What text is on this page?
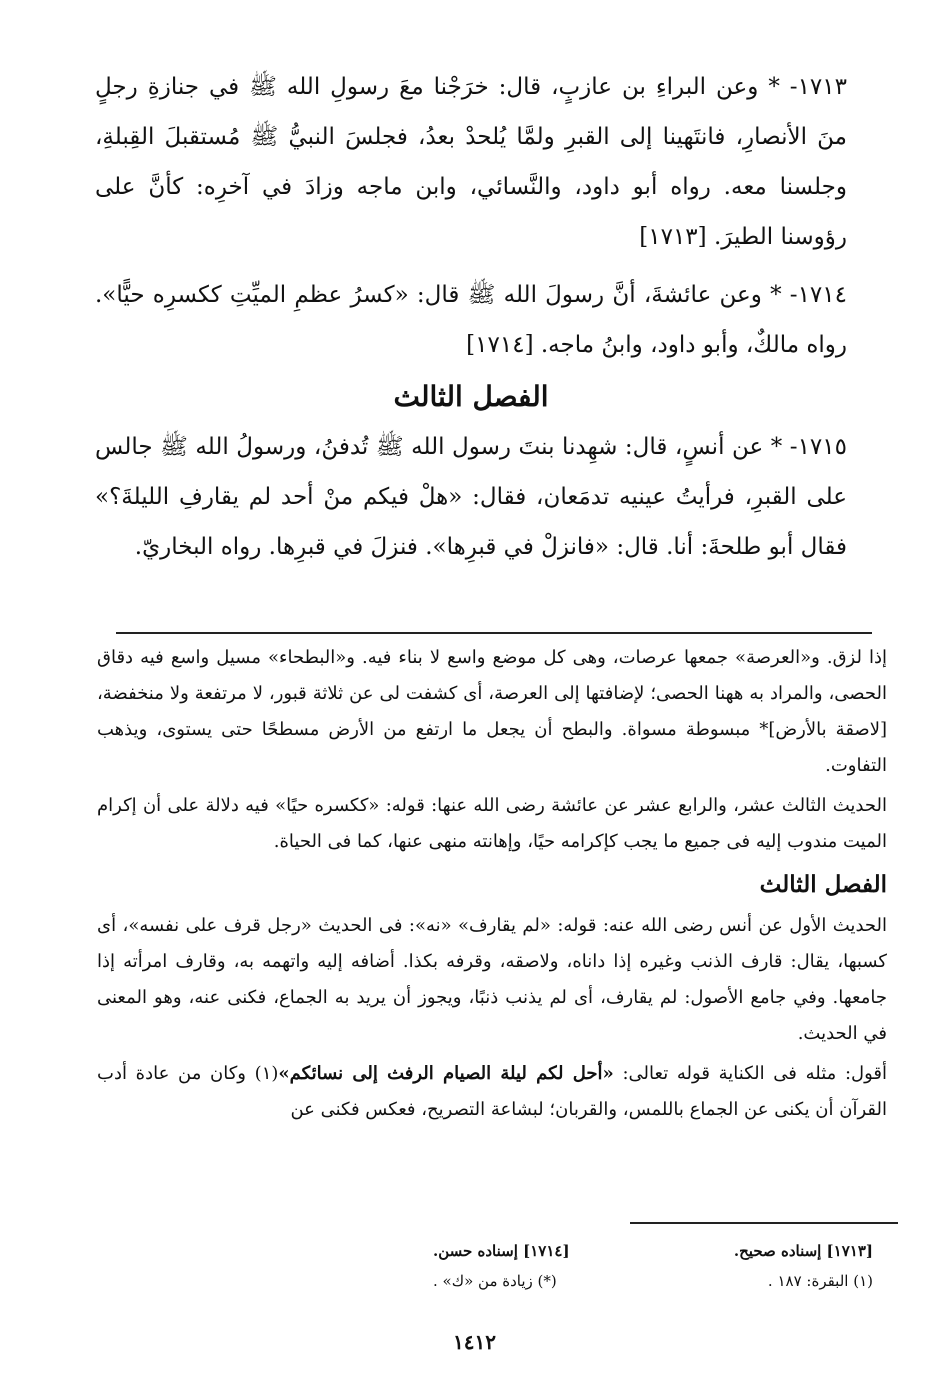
١٧١٣- * وعن البراءِ بن عازبٍ، قال: خرَجْنا معَ رسولِ الله ﷺ في جنازةِ رجلٍ منَ الأنصارِ، فانتَهينا إلى القبرِ ولمَّا يُلحدْ بعدُ، فجلسَ النبيُّ ﷺ مُستقبلَ القِبلةِ، وجلسنا معه. رواه أبو داود، والنَّسائي، وابن ماجه وزادَ في آخرِه: كأنَّ على رؤوسنا الطيرَ. [١٧١٣]

١٧١٤- * وعن عائشةَ، أنَّ رسولَ الله ﷺ قال: «كسرُ عظمِ الميِّتِ ككسرِه حيًّا». رواه مالكٌ، وأبو داود، وابنُ ماجه. [١٧١٤]

الفصل الثالث

١٧١٥- * عن أنسٍ، قال: شهِدنا بنتَ رسول الله ﷺ تُدفنُ، ورسولُ الله ﷺ جالس على القبرِ، فرأيتُ عينيه تدمَعان، فقال: «هلْ فيكم منْ أحد لم يقارفِ الليلةَ؟» فقال أبو طلحةَ: أنا. قال: «فانزلْ في قبرِها». فنزلَ في قبرِها. رواه البخاريّ.

إذا لزق. و«العرصة» جمعها عرصات، وهى كل موضع واسع لا بناء فيه. و«البطحاء» مسيل واسع فيه دقاق الحصى، والمراد به ههنا الحصى؛ لإضافتها إلى العرصة، أى كشفت لى عن ثلاثة قبور، لا مرتفعة ولا منخفضة، [لاصقة بالأرض]* مبسوطة مسواة. والبطح أن يجعل ما ارتفع من الأرض مسطحًا حتى يستوى، ويذهب التفاوت.

الحديث الثالث عشر، والرابع عشر عن عائشة رضى الله عنها: قوله: «ككسره حيًا» فيه دلالة على أن إكرام الميت مندوب إليه فى جميع ما يجب كإكرامه حيًا، وإهانته منهى عنها، كما فى الحياة.

الفصل الثالث

الحديث الأول عن أنس رضى الله عنه: قوله: «لم يقارف» «نه»: فى الحديث «رجل قرف على نفسه»، أى كسبها، يقال: قارف الذنب وغيره إذا داناه، ولاصقه، وقرفه بكذا. أضافه إليه واتهمه به، وقارف امرأته إذا جامعها. وفي جامع الأصول: لم يقارف، أى لم يذنب ذنبًا، ويجوز أن يريد به الجماع، فكنى عنه، وهو المعنى في الحديث.

أقول: مثله فى الكناية قوله تعالى: «أحل لكم ليلة الصيام الرفث إلى نسائكم»(١) وكان من عادة أدب القرآن أن يكنى عن الجماع باللمس، والقربان؛ لبشاعة التصريح، فعكس فكنى عن

[١٧١٣] إسناده صحيح.
[١٧١٤] إسناده حسن.
(١) البقرة: ١٨٧ .
(*) زيادة من «ك» .
١٤١٢
